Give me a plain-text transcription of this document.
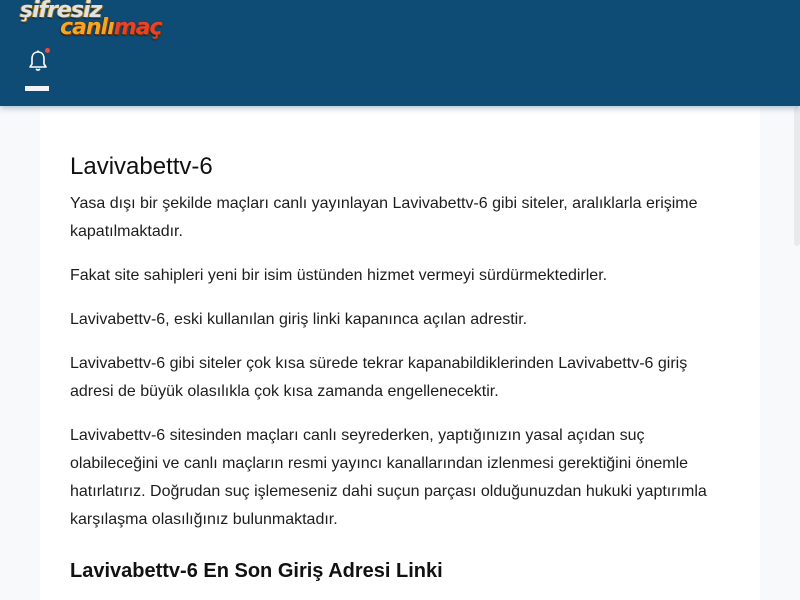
şifresiz
canlımaç
Lavivabettv-6

Yasa dışı bir şekilde maçları canlı yayınlayan Lavivabettv-6 gibi siteler, aralıklarla erişime kapatılmaktadır.

Fakat site sahipleri yeni bir isim üstünden hizmet vermeyi sürdürmektedirler.

Lavivabettv-6, eski kullanılan giriş linki kapanınca açılan adrestir.

Lavivabettv-6 gibi siteler çok kısa sürede tekrar kapanabildiklerinden Lavivabettv-6 giriş adresi de büyük olasılıkla çok kısa zamanda engellenecektir.

Lavivabettv-6 sitesinden maçları canlı seyrederken, yaptığınızın yasal açıdan suç olabileceğini ve canlı maçların resmi yayıncı kanallarından izlenmesi gerektiğini önemle hatırlatırız. Doğrudan suç işlemeseniz dahi suçun parçası olduğunuzdan hukuki yaptırımla karşılaşma olasılığınız bulunmaktadır.

Lavivabettv-6 En Son Giriş Adresi Linki
